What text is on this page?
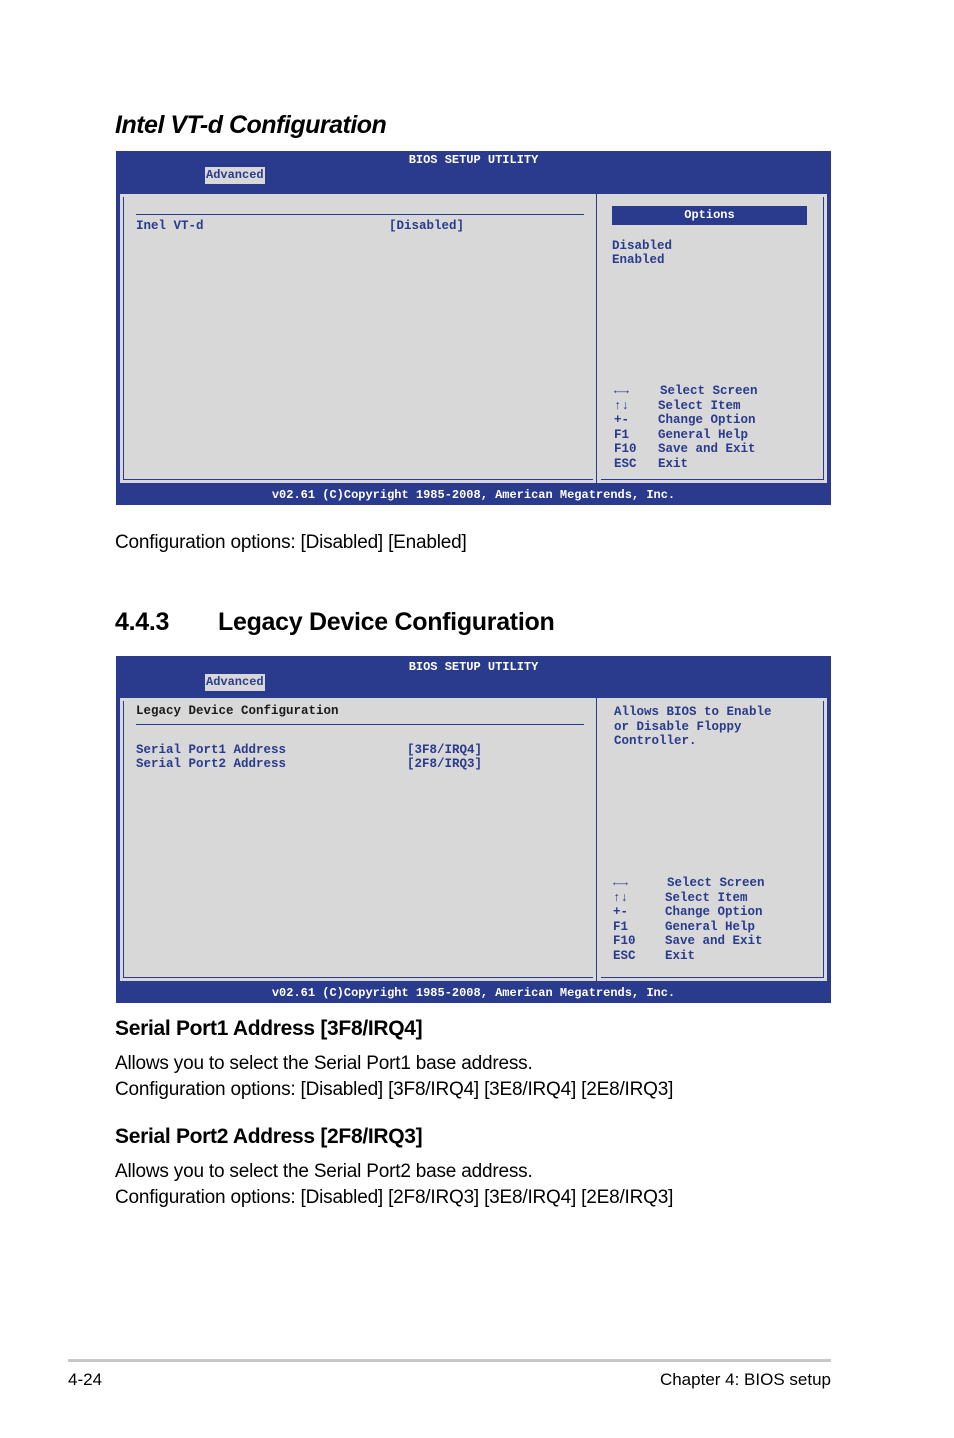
Intel VT-d Configuration
BIOS SETUP UTILITY
Advanced
Inel VT-d	[Disabled]
Options
Disabled
Enabled
←→	Select Screen
↑↓	Select Item
+-	Change Option
F1	General Help
F10	Save and Exit
ESC	Exit
v02.61 (C)Copyright 1985-2008, American Megatrends, Inc.
Configuration options: [Disabled] [Enabled]
4.4.3 Legacy Device Configuration
BIOS SETUP UTILITY
Advanced
Legacy Device Configuration
Serial Port1 Address	[3F8/IRQ4]
Serial Port2 Address	[2F8/IRQ3]
Allows BIOS to Enable
or Disable Floppy
Controller.
←→	Select Screen
↑↓	Select Item
+-	Change Option
F1	General Help
F10	Save and Exit
ESC	Exit
v02.61 (C)Copyright 1985-2008, American Megatrends, Inc.
Serial Port1 Address [3F8/IRQ4]
Allows you to select the Serial Port1 base address.
Configuration options: [Disabled] [3F8/IRQ4] [3E8/IRQ4] [2E8/IRQ3]
Serial Port2 Address [2F8/IRQ3]
Allows you to select the Serial Port2 base address.
Configuration options: [Disabled] [2F8/IRQ3] [3E8/IRQ4] [2E8/IRQ3]
4-24	Chapter 4: BIOS setup
